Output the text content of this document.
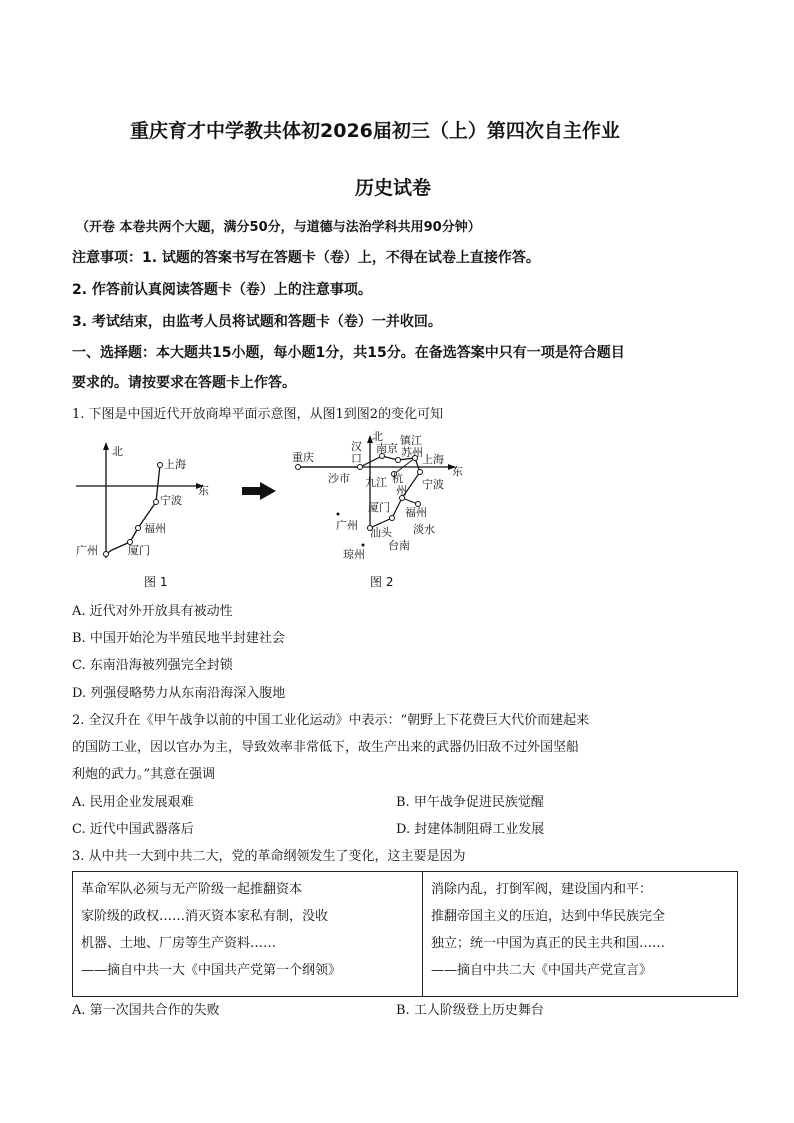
重庆育才中学教共体初2026届初三（上）第四次自主作业
历史试卷
（开卷 本卷共两个大题，满分50分，与道德与法治学科共用90分钟）
注意事项：1. 试题的答案书写在答题卡（卷）上，不得在试卷上直接作答。
2. 作答前认真阅读答题卡（卷）上的注意事项。
3. 考试结束，由监考人员将试题和答题卡（卷）一并收回。
一、选择题：本大题共15小题，每小题1分，共15分。在备选答案中只有一项是符合题目
要求的。请按要求在答题卡上作答。
1. 下图是中国近代开放商埠平面示意图，从图1到图2的变化可知
北
东
上海
宁波
福州
厦门
广州
图 1
北
东
重庆
汉
口
沙市
南京
镇江
苏州
上海
杭
州
九江	宁波
厦门 福州
广州
汕头 淡水
台南
琼州
图 2
A. 近代对外开放具有被动性
B. 中国开始沦为半殖民地半封建社会
C. 东南沿海被列强完全封锁
D. 列强侵略势力从东南沿海深入腹地
2. 全汉升在《甲午战争以前的中国工业化运动》中表示：“朝野上下花费巨大代价而建起来
的国防工业，因以官办为主，导致效率非常低下，故生产出来的武器仍旧敌不过外国坚船
利炮的武力。”其意在强调
A. 民用企业发展艰难	B. 甲午战争促进民族觉醒
C. 近代中国武器落后	D. 封建体制阻碍工业发展
3. 从中共一大到中共二大，党的革命纲领发生了变化，这主要是因为
革命军队必须与无产阶级一起推翻资本
家阶级的政权……消灭资本家私有制，没收
机器、土地、厂房等生产资料……
——摘自中共一大《中国共产党第一个纲领》
消除内乱，打倒军阀，建设国内和平：
推翻帝国主义的压迫，达到中华民族完全
独立；统一中国为真正的民主共和国……
——摘自中共二大《中国共产党宣言》
A. 第一次国共合作的失败	B. 工人阶级登上历史舞台
